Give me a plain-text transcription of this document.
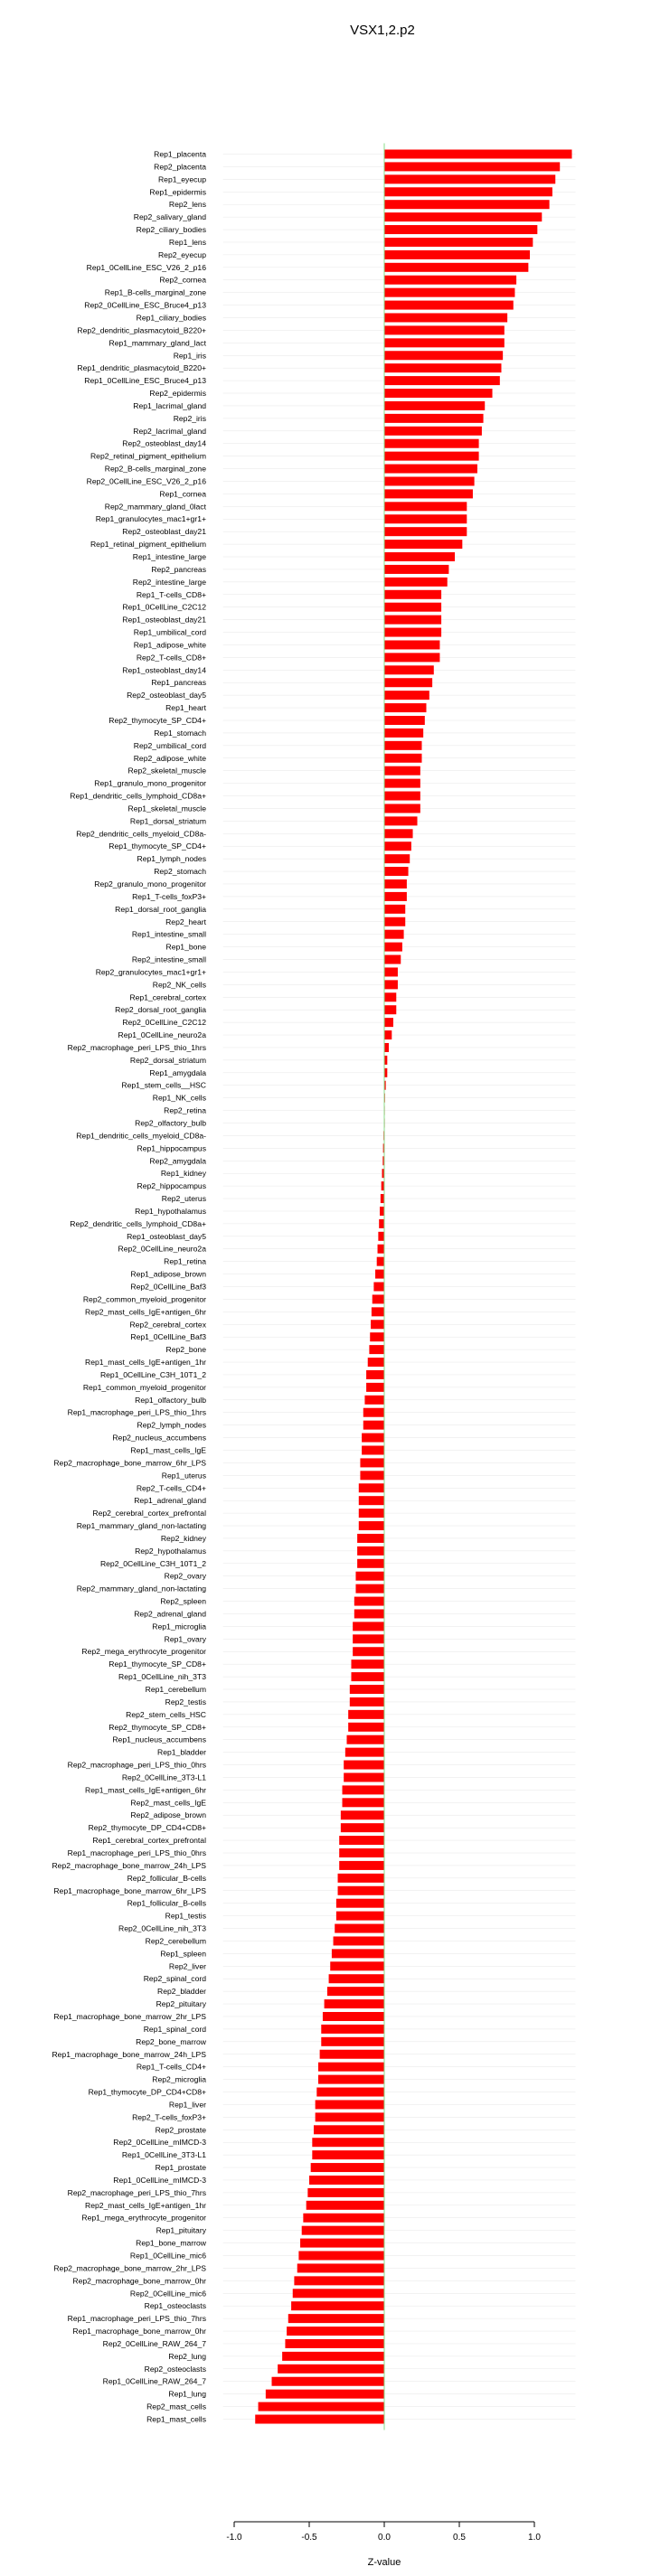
VSX1,2.p2
Rep1_placenta
Rep2_placenta
Rep1_eyecup
Rep1_epidermis
Rep2_lens
Rep2_salivary_gland
Rep2_ciliary_bodies
Rep1_lens
Rep2_eyecup
Rep1_0CellLine_ESC_V26_2_p16
Rep2_cornea
Rep1_B-cells_marginal_zone
Rep2_0CellLine_ESC_Bruce4_p13
Rep1_ciliary_bodies
Rep2_dendritic_plasmacytoid_B220+
Rep1_mammary_gland_lact
Rep1_iris
Rep1_dendritic_plasmacytoid_B220+
Rep1_0CellLine_ESC_Bruce4_p13
Rep2_epidermis
Rep1_lacrimal_gland
Rep2_iris
Rep2_lacrimal_gland
Rep2_osteoblast_day14
Rep2_retinal_pigment_epithelium
Rep2_B-cells_marginal_zone
Rep2_0CellLine_ESC_V26_2_p16
Rep1_cornea
Rep2_mammary_gland_0lact
Rep1_granulocytes_mac1+gr1+
Rep2_osteoblast_day21
Rep1_retinal_pigment_epithelium
Rep1_intestine_large
Rep2_pancreas
Rep2_intestine_large
Rep1_T-cells_CD8+
Rep1_0CellLine_C2C12
Rep1_osteoblast_day21
Rep1_umbilical_cord
Rep1_adipose_white
Rep2_T-cells_CD8+
Rep1_osteoblast_day14
Rep1_pancreas
Rep2_osteoblast_day5
Rep1_heart
Rep2_thymocyte_SP_CD4+
Rep1_stomach
Rep2_umbilical_cord
Rep2_adipose_white
Rep2_skeletal_muscle
Rep1_granulo_mono_progenitor
Rep1_dendritic_cells_lymphoid_CD8a+
Rep1_skeletal_muscle
Rep1_dorsal_striatum
Rep2_dendritic_cells_myeloid_CD8a-
Rep1_thymocyte_SP_CD4+
Rep1_lymph_nodes
Rep2_stomach
Rep2_granulo_mono_progenitor
Rep1_T-cells_foxP3+
Rep1_dorsal_root_ganglia
Rep2_heart
Rep1_intestine_small
Rep1_bone
Rep2_intestine_small
Rep2_granulocytes_mac1+gr1+
Rep2_NK_cells
Rep1_cerebral_cortex
Rep2_dorsal_root_ganglia
Rep2_0CellLine_C2C12
Rep1_0CellLine_neuro2a
Rep2_macrophage_peri_LPS_thio_1hrs
Rep2_dorsal_striatum
Rep1_amygdala
Rep1_stem_cells__HSC
Rep1_NK_cells
Rep2_retina
Rep2_olfactory_bulb
Rep1_dendritic_cells_myeloid_CD8a-
Rep1_hippocampus
Rep2_amygdala
Rep1_kidney
Rep2_hippocampus
Rep2_uterus
Rep1_hypothalamus
Rep2_dendritic_cells_lymphoid_CD8a+
Rep1_osteoblast_day5
Rep2_0CellLine_neuro2a
Rep1_retina
Rep1_adipose_brown
Rep2_0CellLine_Baf3
Rep2_common_myeloid_progenitor
Rep2_mast_cells_IgE+antigen_6hr
Rep2_cerebral_cortex
Rep1_0CellLine_Baf3
Rep2_bone
Rep1_mast_cells_IgE+antigen_1hr
Rep1_0CellLine_C3H_10T1_2
Rep1_common_myeloid_progenitor
Rep1_olfactory_bulb
Rep1_macrophage_peri_LPS_thio_1hrs
Rep2_lymph_nodes
Rep2_nucleus_accumbens
Rep1_mast_cells_IgE
Rep2_macrophage_bone_marrow_6hr_LPS
Rep1_uterus
Rep2_T-cells_CD4+
Rep1_adrenal_gland
Rep2_cerebral_cortex_prefrontal
Rep1_mammary_gland_non-lactating
Rep2_kidney
Rep2_hypothalamus
Rep2_0CellLine_C3H_10T1_2
Rep2_ovary
Rep2_mammary_gland_non-lactating
Rep2_spleen
Rep2_adrenal_gland
Rep1_microglia
Rep1_ovary
Rep2_mega_erythrocyte_progenitor
Rep1_thymocyte_SP_CD8+
Rep1_0CellLine_nih_3T3
Rep1_cerebellum
Rep2_testis
Rep2_stem_cells_HSC
Rep2_thymocyte_SP_CD8+
Rep1_nucleus_accumbens
Rep1_bladder
Rep2_macrophage_peri_LPS_thio_0hrs
Rep2_0CellLine_3T3-L1
Rep1_mast_cells_IgE+antigen_6hr
Rep2_mast_cells_IgE
Rep2_adipose_brown
Rep2_thymocyte_DP_CD4+CD8+
Rep1_cerebral_cortex_prefrontal
Rep1_macrophage_peri_LPS_thio_0hrs
Rep2_macrophage_bone_marrow_24h_LPS
Rep2_follicular_B-cells
Rep1_macrophage_bone_marrow_6hr_LPS
Rep1_follicular_B-cells
Rep1_testis
Rep2_0CellLine_nih_3T3
Rep2_cerebellum
Rep1_spleen
Rep2_liver
Rep2_spinal_cord
Rep2_bladder
Rep2_pituitary
Rep1_macrophage_bone_marrow_2hr_LPS
Rep1_spinal_cord
Rep2_bone_marrow
Rep1_macrophage_bone_marrow_24h_LPS
Rep1_T-cells_CD4+
Rep2_microglia
Rep1_thymocyte_DP_CD4+CD8+
Rep1_liver
Rep2_T-cells_foxP3+
Rep2_prostate
Rep2_0CellLine_mIMCD-3
Rep1_0CellLine_3T3-L1
Rep1_prostate
Rep1_0CellLine_mIMCD-3
Rep2_macrophage_peri_LPS_thio_7hrs
Rep2_mast_cells_IgE+antigen_1hr
Rep1_mega_erythrocyte_progenitor
Rep1_pituitary
Rep1_bone_marrow
Rep1_0CellLine_mic6
Rep2_macrophage_bone_marrow_2hr_LPS
Rep2_macrophage_bone_marrow_0hr
Rep2_0CellLine_mic6
Rep1_osteoclasts
Rep1_macrophage_peri_LPS_thio_7hrs
Rep1_macrophage_bone_marrow_0hr
Rep2_0CellLine_RAW_264_7
Rep2_lung
Rep2_osteoclasts
Rep1_0CellLine_RAW_264_7
Rep1_lung
Rep2_mast_cells
Rep1_mast_cells
-1.0	-0.5	0.0	0.5	1.0
Z-value
